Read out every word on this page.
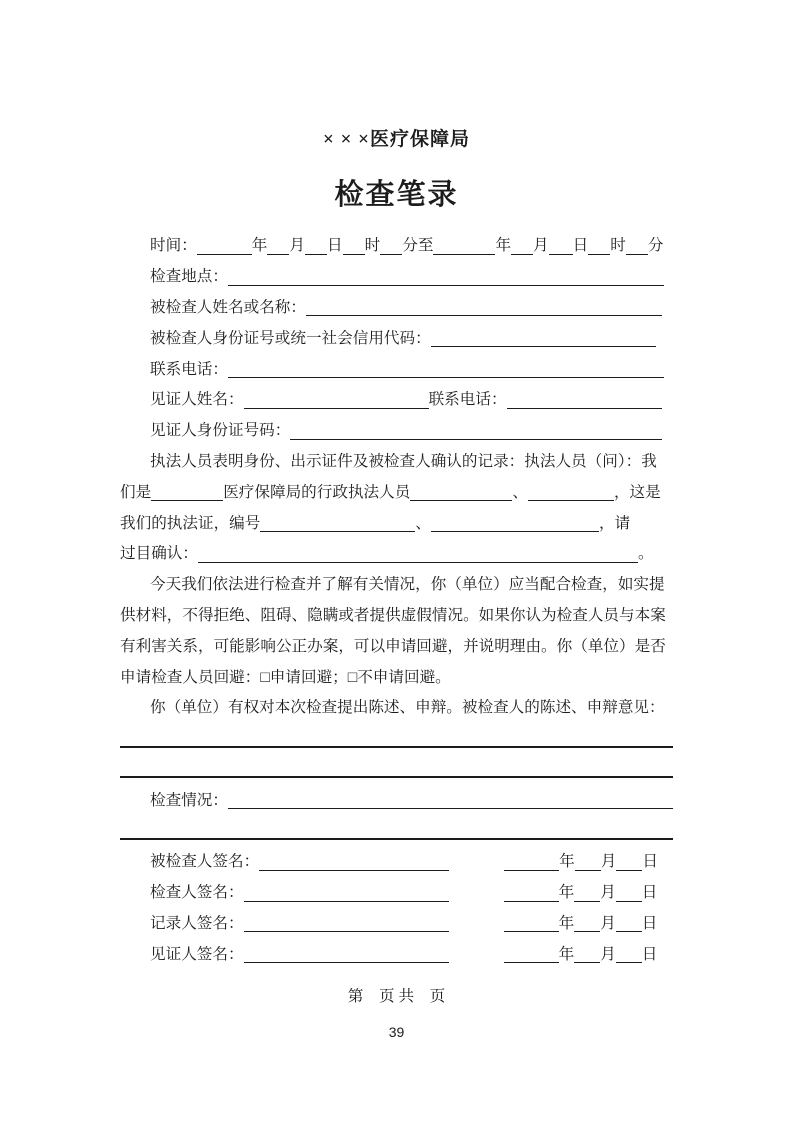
× × ×医疗保障局
检查笔录
时间：	年 月 日 时 分至	年 月 日 时 分
检查地点：
被检查人姓名或名称：
被检查人身份证号或统一社会信用代码：
联系电话：
见证人姓名：	联系电话：
见证人身份证号码：
执法人员表明身份、出示证件及被检查人确认的记录：执法人员（问）：我
们是	医疗保障局的行政执法人员	、	，这是
我们的执法证，编号	、	，请
过目确认：	。
今天我们依法进行检查并了解有关情况，你（单位）应当配合检查，如实提
供材料，不得拒绝、阻碍、隐瞒或者提供虚假情况。如果你认为检查人员与本案
有利害关系，可能影响公正办案，可以申请回避，并说明理由。你（单位）是否
申请检查人员回避： □ 申请回避； □ 不申请回避。
你（单位）有权对本次检查提出陈述、申辩。被检查人的陈述、申辩意见：
检查情况：
被检查人签名：	年 月 日
检查人签名：	年 月 日
记录人签名：	年 月 日
见证人签名：	年 月 日
第　页 共　页
39
